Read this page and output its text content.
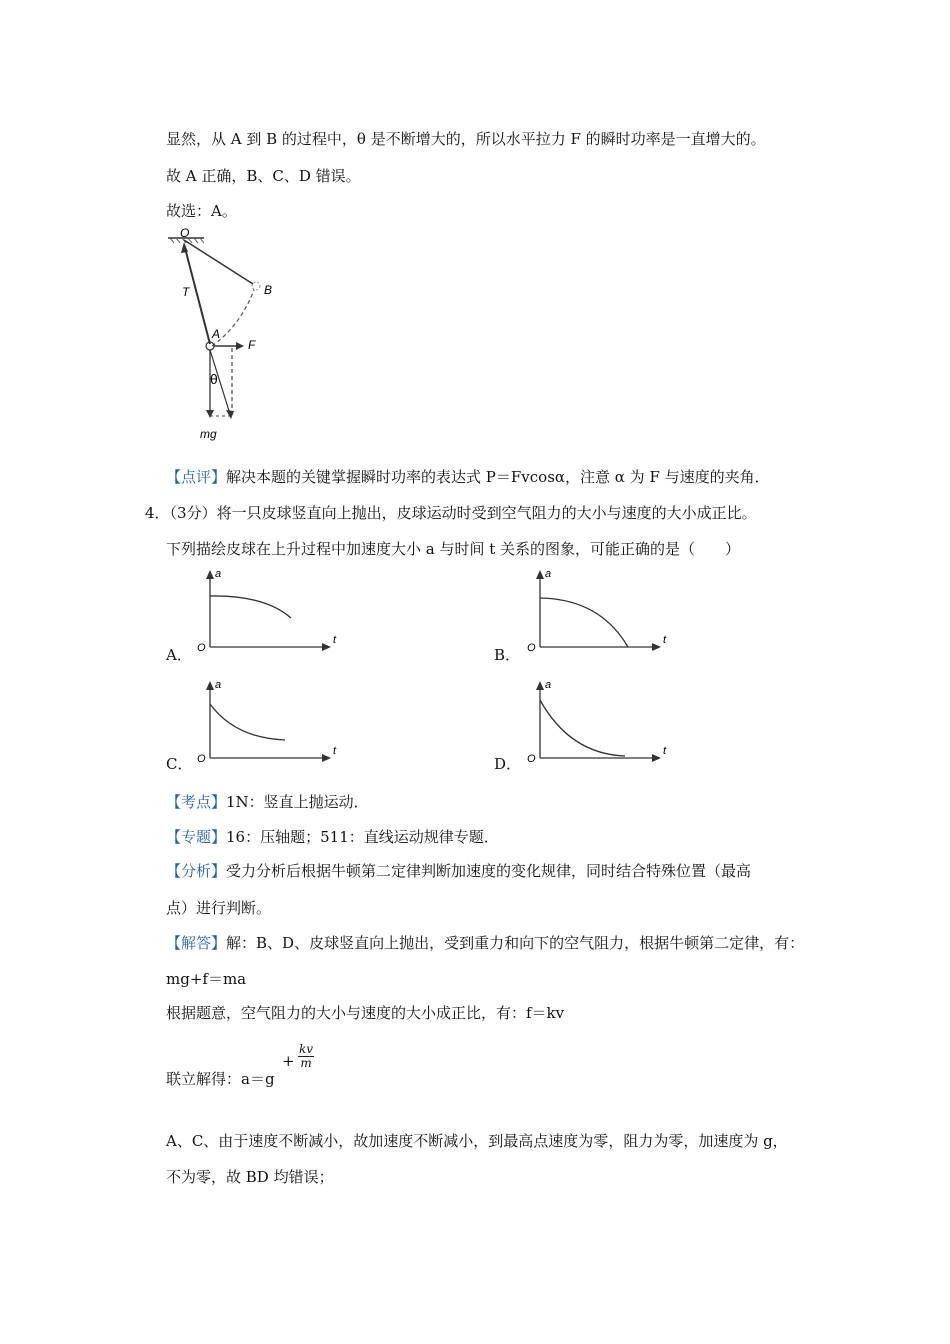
显然，从 A 到 B 的过程中，θ 是不断增大的，所以水平拉力 F 的瞬时功率是一直增大的。
故 A 正确，B、C、D 错误。
故选：A。
O
B
T
A
F
θ
mg
【点评】解决本题的关键掌握瞬时功率的表达式 P＝Fvcosα，注意 α 为 F 与速度的夹角．
4．（3分）将一只皮球竖直向上抛出，皮球运动时受到空气阻力的大小与速度的大小成正比。
下列描绘皮球在上升过程中加速度大小 a 与时间 t 关系的图象，可能正确的是（　　）
a
t
O
A．
a
t
O
B．
a
t
O
C．
a
t
O
D．
【考点】1N：竖直上抛运动．
【专题】16：压轴题；511：直线运动规律专题．
【分析】受力分析后根据牛顿第二定律判断加速度的变化规律，同时结合特殊位置（最高
点）进行判断。
【解答】解：B、D、皮球竖直向上抛出，受到重力和向下的空气阻力，根据牛顿第二定律，有：
mg+f＝ma
根据题意，空气阻力的大小与速度的大小成正比，有：f＝kv
联立解得：a＝g
+ $\frac{kv}{m}$
A、C、由于速度不断减小，故加速度不断减小，到最高点速度为零，阻力为零，加速度为 g，
不为零，故 BD 均错误；
